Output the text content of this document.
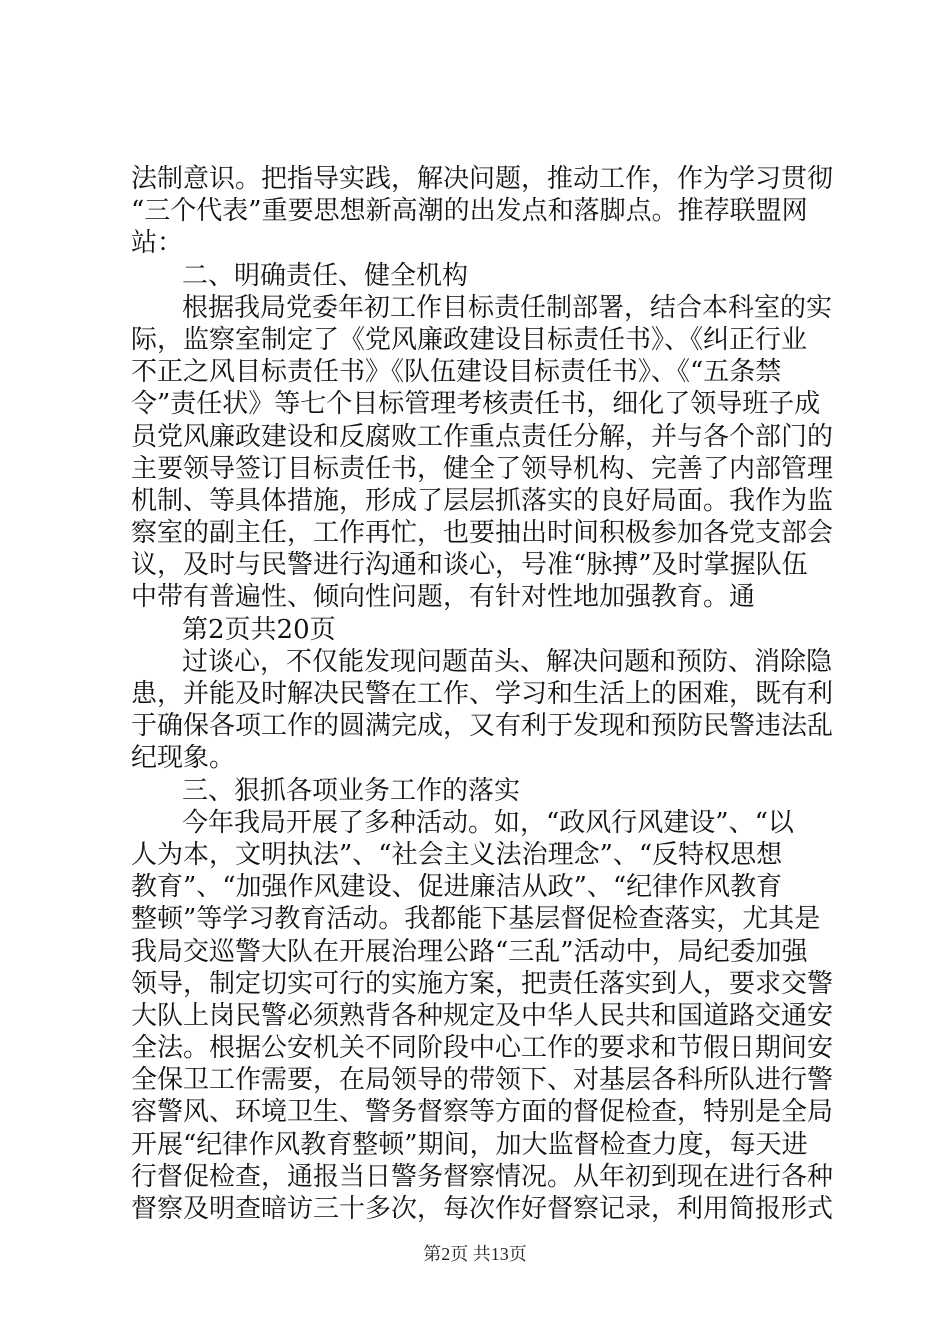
法制意识。把指导实践，解决问题，推动工作，作为学习贯彻
“三个代表”重要思想新高潮的出发点和落脚点。推荐联盟网
站：
二、明确责任、健全机构
根据我局党委年初工作目标责任制部署，结合本科室的实
际，监察室制定了《党风廉政建设目标责任书》、《纠正行业
不正之风目标责任书》《队伍建设目标责任书》、《“五条禁
令”责任状》等七个目标管理考核责任书，细化了领导班子成
员党风廉政建设和反腐败工作重点责任分解，并与各个部门的
主要领导签订目标责任书，健全了领导机构、完善了内部管理
机制、等具体措施，形成了层层抓落实的良好局面。我作为监
察室的副主任，工作再忙，也要抽出时间积极参加各党支部会
议，及时与民警进行沟通和谈心，号准“脉搏”及时掌握队伍
中带有普遍性、倾向性问题，有针对性地加强教育。通
第2页共20页
过谈心，不仅能发现问题苗头、解决问题和预防、消除隐
患，并能及时解决民警在工作、学习和生活上的困难，既有利
于确保各项工作的圆满完成，又有利于发现和预防民警违法乱
纪现象。
三、狠抓各项业务工作的落实
今年我局开展了多种活动。如，“政风行风建设”、“以
人为本，文明执法”、“社会主义法治理念”、“反特权思想
教育”、“加强作风建设、促进廉洁从政”、“纪律作风教育
整顿”等学习教育活动。我都能下基层督促检查落实，尤其是
我局交巡警大队在开展治理公路“三乱”活动中，局纪委加强
领导，制定切实可行的实施方案，把责任落实到人，要求交警
大队上岗民警必须熟背各种规定及中华人民共和国道路交通安
全法。根据公安机关不同阶段中心工作的要求和节假日期间安
全保卫工作需要，在局领导的带领下、对基层各科所队进行警
容警风、环境卫生、警务督察等方面的督促检查，特别是全局
开展“纪律作风教育整顿”期间，加大监督检查力度，每天进
行督促检查，通报当日警务督察情况。从年初到现在进行各种
督察及明查暗访三十多次，每次作好督察记录，利用简报形式
第2页 共13页
